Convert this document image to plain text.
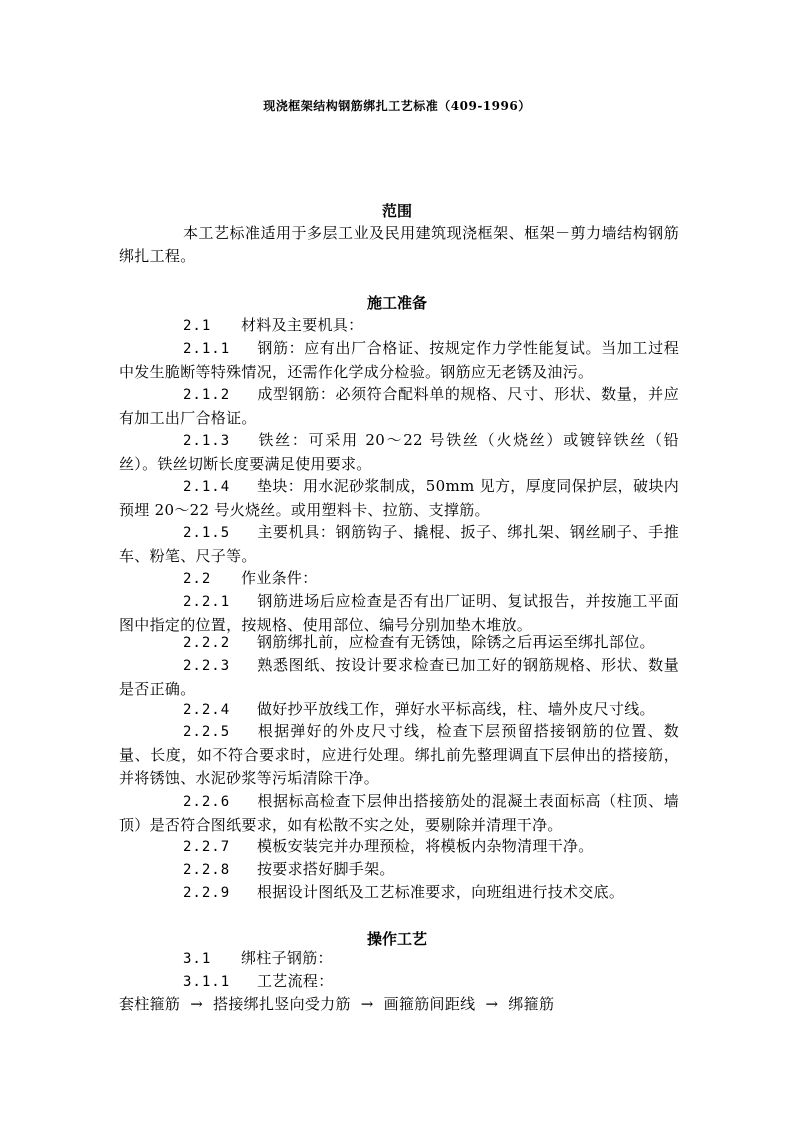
现浇框架结构钢筋绑扎工艺标准（409-1996）
范围
本工艺标准适用于多层工业及民用建筑现浇框架、框架－剪力墙结构钢筋绑扎工程。
施工准备
2.1 材料及主要机具：
2.1.1 钢筋：应有出厂合格证、按规定作力学性能复试。当加工过程中发生脆断等特殊情况，还需作化学成分检验。钢筋应无老锈及油污。
2.1.2 成型钢筋：必须符合配料单的规格、尺寸、形状、数量，并应有加工出厂合格证。
2.1.3 铁丝：可采用 20～22 号铁丝（火烧丝）或镀锌铁丝（铅丝）。铁丝切断长度要满足使用要求。
2.1.4 垫块：用水泥砂浆制成，50mm 见方，厚度同保护层，破块内预埋 20～22 号火烧丝。或用塑料卡、拉筋、支撑筋。
2.1.5 主要机具：钢筋钩子、撬棍、扳子、绑扎架、钢丝刷子、手推车、粉笔、尺子等。
2.2 作业条件：
2.2.1 钢筋进场后应检查是否有出厂证明、复试报告，并按施工平面图中指定的位置，按规格、使用部位、编号分别加垫木堆放。
2.2.2 钢筋绑扎前，应检查有无锈蚀，除锈之后再运至绑扎部位。
2.2.3 熟悉图纸、按设计要求检查已加工好的钢筋规格、形状、数量是否正确。
2.2.4 做好抄平放线工作，弹好水平标高线，柱、墙外皮尺寸线。
2.2.5 根据弹好的外皮尺寸线，检查下层预留搭接钢筋的位置、数量、长度，如不符合要求时，应进行处理。绑扎前先整理调直下层伸出的搭接筋，并将锈蚀、水泥砂浆等污垢清除干净。
2.2.6 根据标高检查下层伸出搭接筋处的混凝土表面标高（柱顶、墙顶）是否符合图纸要求，如有松散不实之处，要剔除并清理干净。
2.2.7 模板安装完并办理预检，将模板内杂物清理干净。
2.2.8 按要求搭好脚手架。
2.2.9 根据设计图纸及工艺标准要求，向班组进行技术交底。
操作工艺
3.1 绑柱子钢筋：
3.1.1 工艺流程：
套柱箍筋 → 搭接绑扎竖向受力筋 → 画箍筋间距线 → 绑箍筋
